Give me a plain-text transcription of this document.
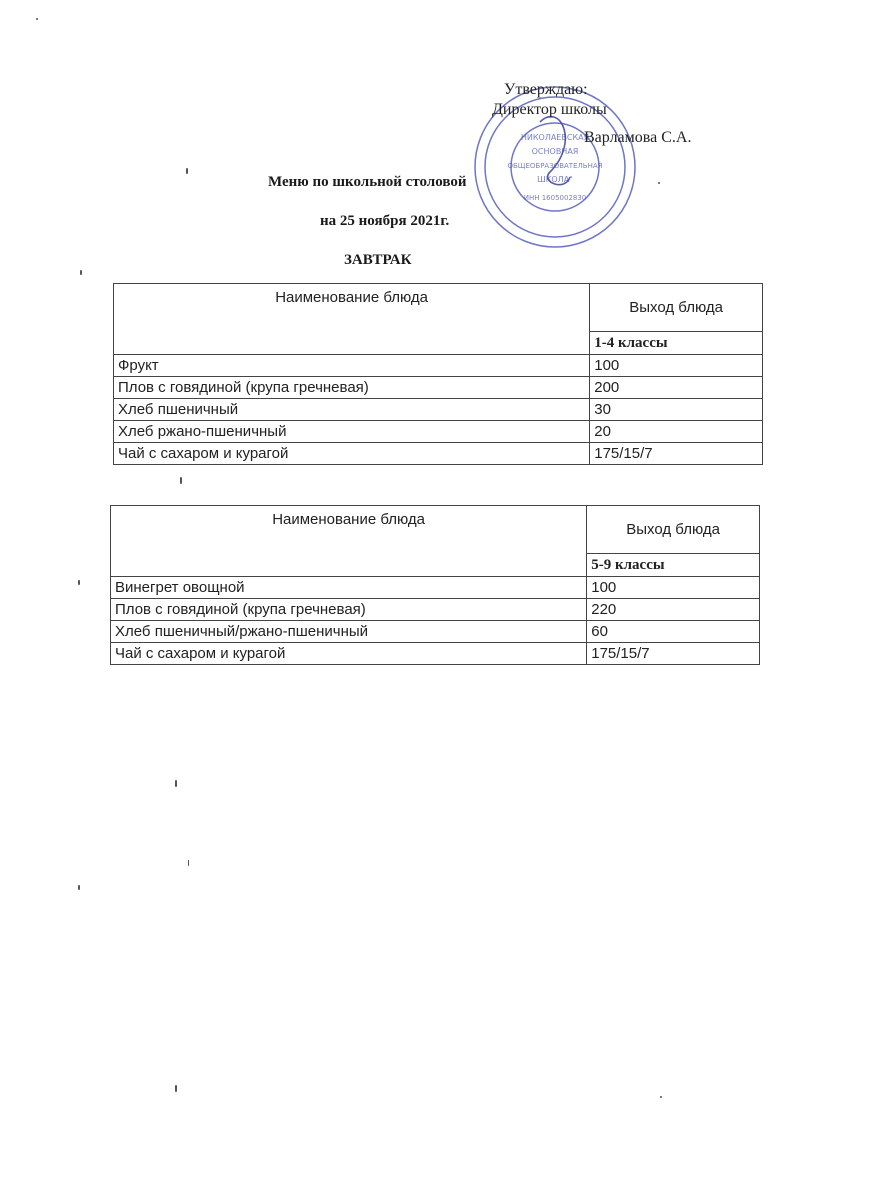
НИКОЛАЕВСКАЯ
ОСНОВНАЯ
ОБЩЕОБРАЗОВАТЕЛЬНАЯ
ШКОЛА"
ИНН 1605002830
Утверждаю:
Директор школы
Варламова С.А.
Меню по школьной столовой
на 25 ноября 2021г.
ЗАВТРАК
Наименование блюда	Выход блюда
	1-4 классы
Фрукт	100
Плов с говядиной (крупа гречневая)	200
Хлеб пшеничный	30
Хлеб ржано-пшеничный	20
Чай с сахаром и курагой	175/15/7
Наименование блюда	Выход блюда
	5-9 классы
Винегрет овощной	100
Плов с говядиной (крупа гречневая)	220
Хлеб пшеничный/ржано-пшеничный	60
Чай с сахаром и курагой	175/15/7
